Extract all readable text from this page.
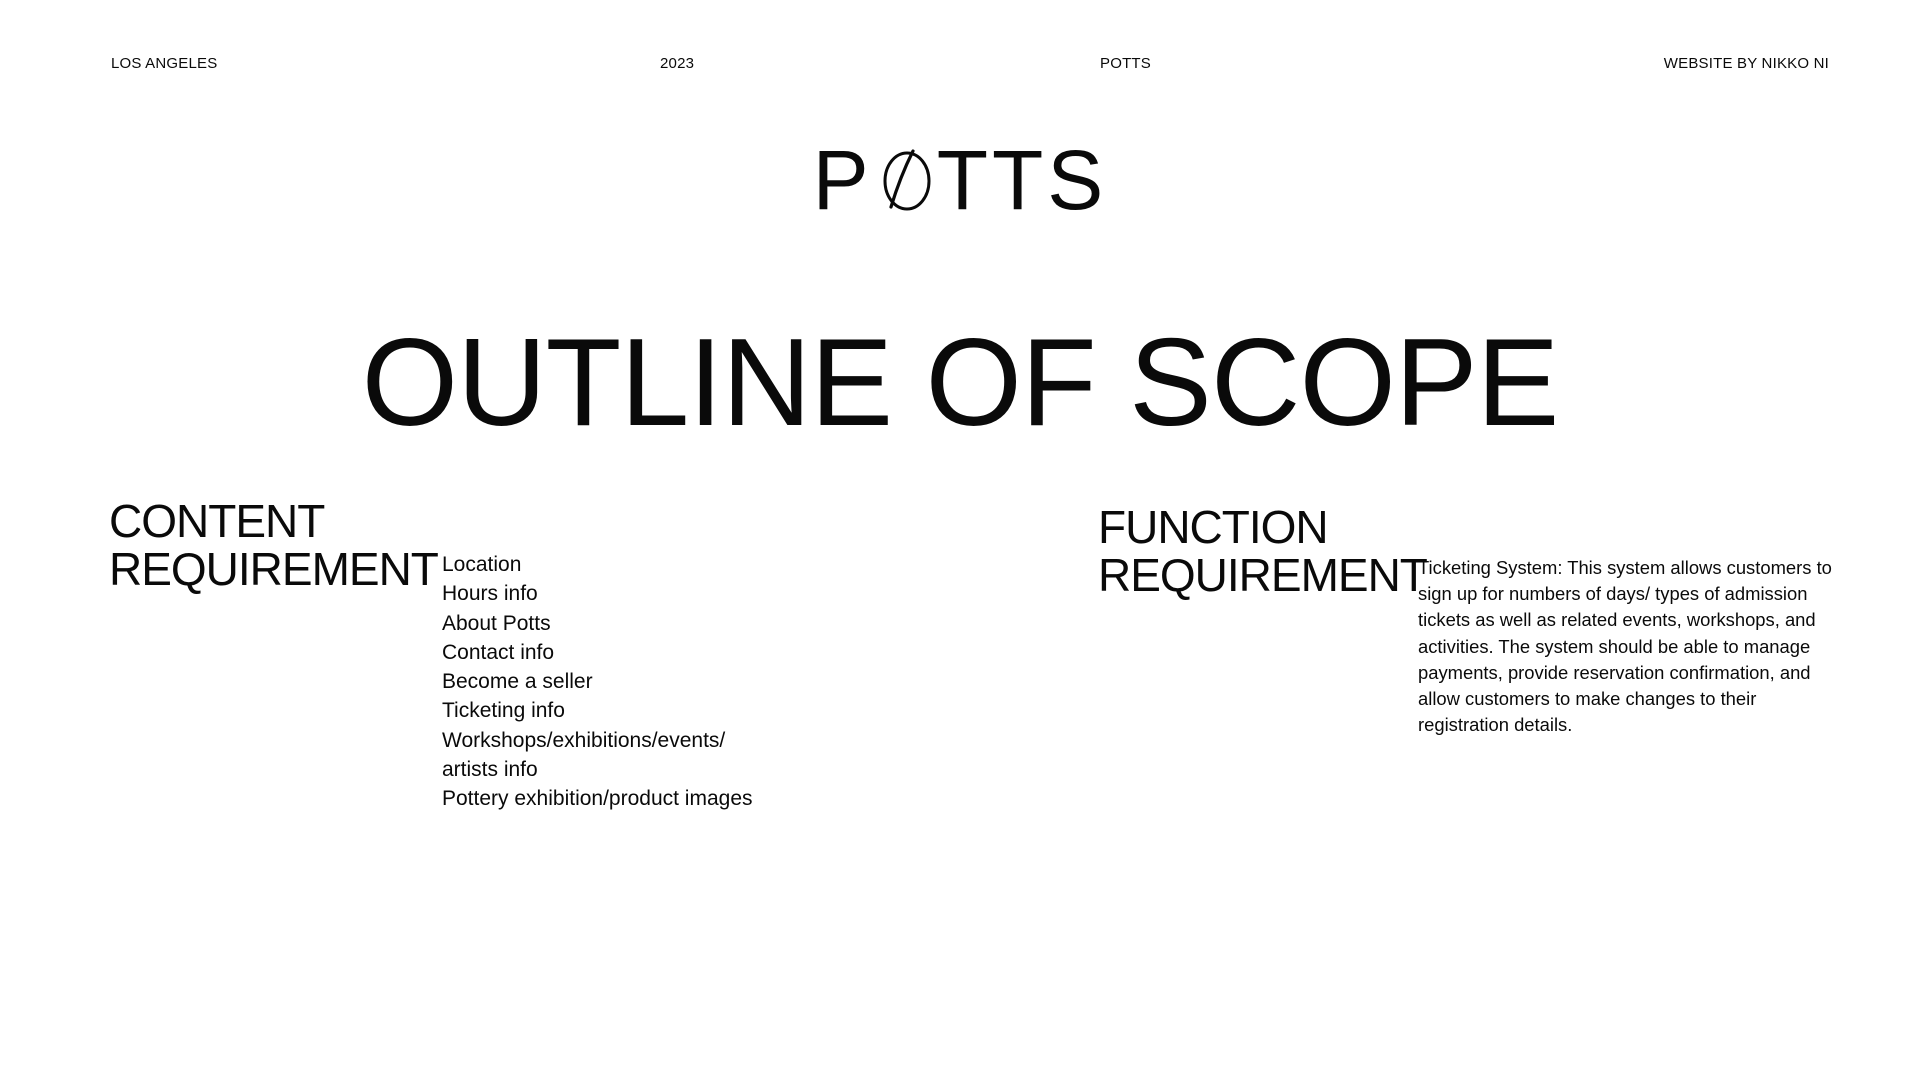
LOS ANGELES	2023	POTTS	WEBSITE BY NIKKO NI
P TTS
OUTLINE OF SCOPE
CONTENT
REQUIREMENT Location
Hours info
About Potts
Contact info
Become a seller
Ticketing info
Workshops/exhibitions/events/
artists info
Pottery exhibition/product images
FUNCTION
REQUIREMENT

Ticketing System: This system allows customers to sign up for numbers of days/ types of admission tickets as well as related events, workshops, and activities. The system should be able to manage payments, provide reservation confirmation, and allow customers to make changes to their registration details.
